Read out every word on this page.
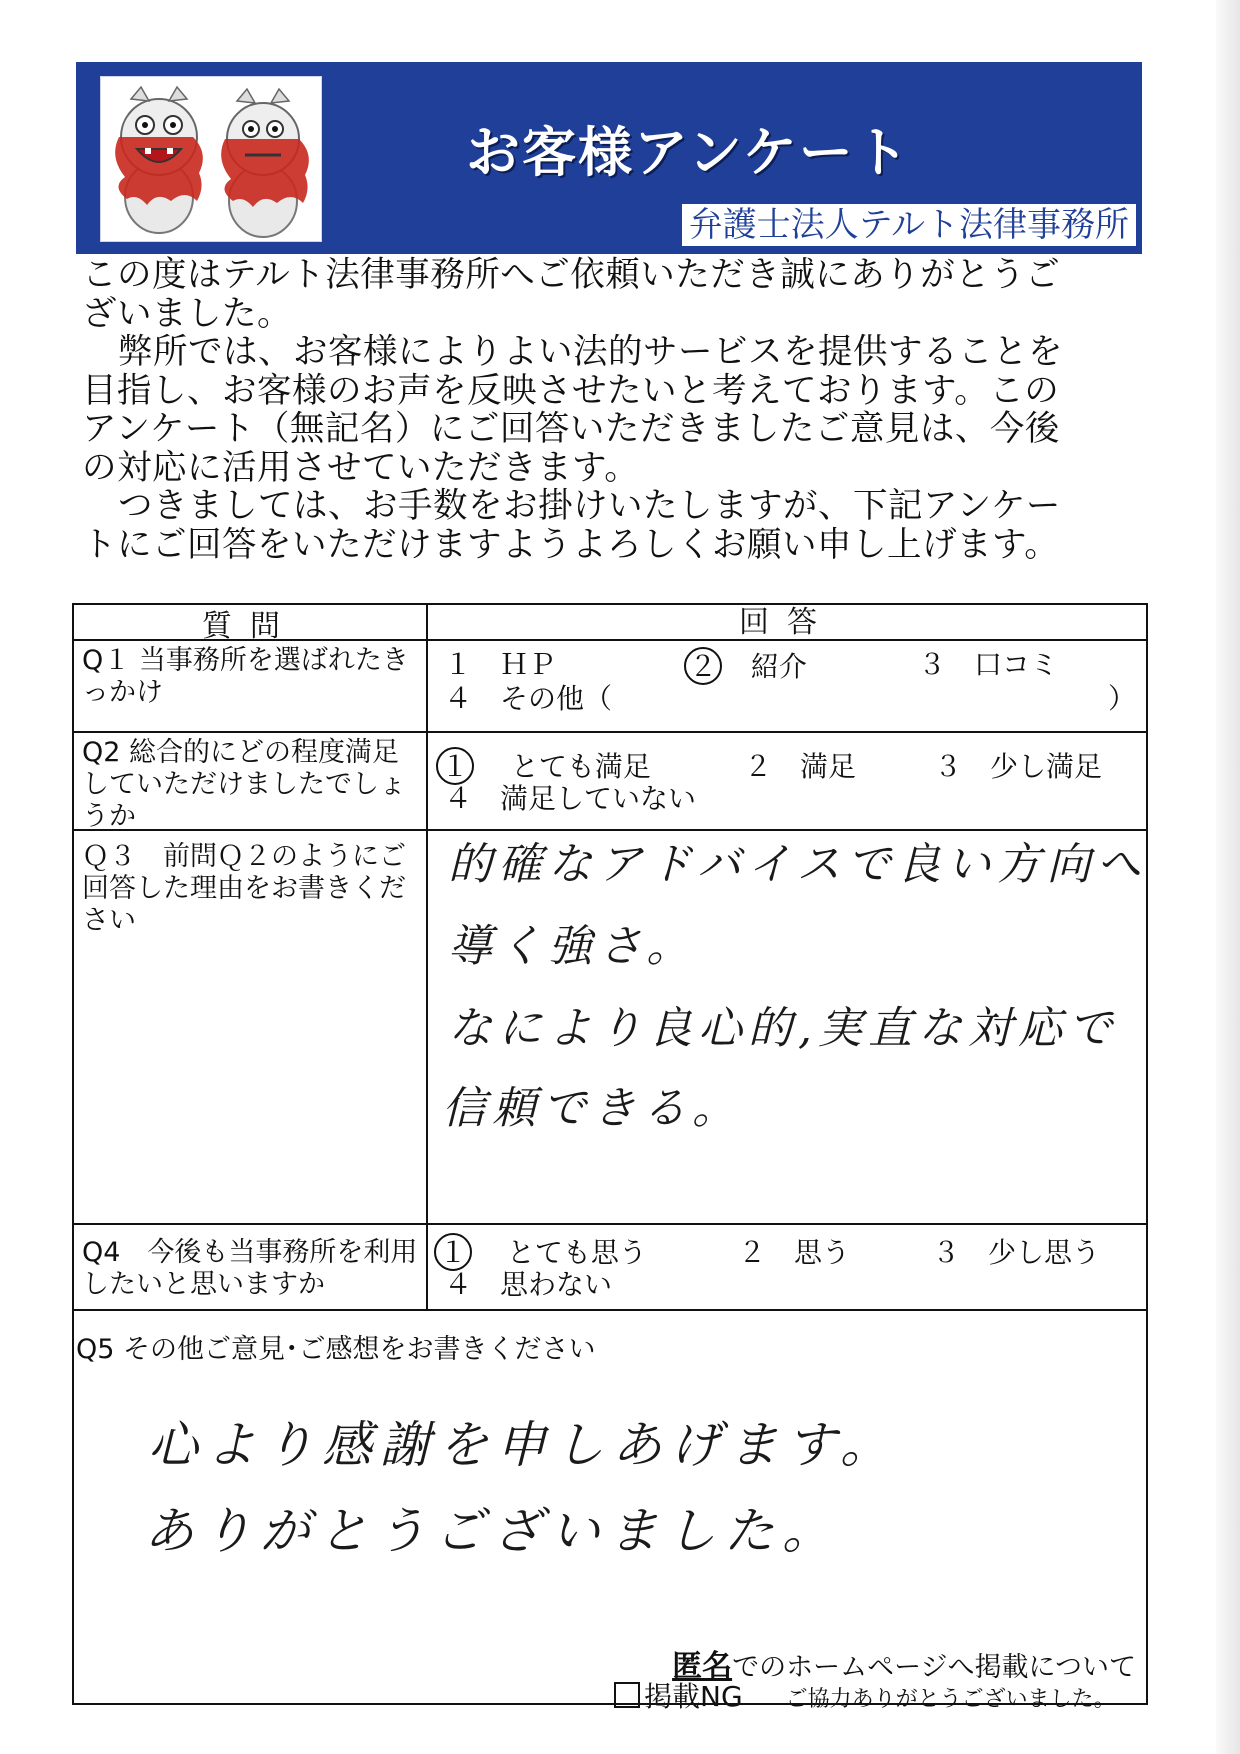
お客様アンケート
弁護士法人テルト法律事務所

この度はテルト法律事務所へご依頼いただき誠にありがとうご

ざいました。

弊所では、お客様によりよい法的サービスを提供することを

目指し、お客様のお声を反映させたいと考えております。この

アンケート（無記名）にご回答いただきましたご意見は、今後

の対応に活用させていただきます。

つきましては、お手数をお掛けいたしますが、下記アンケー

トにご回答をいただけますようよろしくお願い申し上げます。

質問	回答
Q１ 当事務所を選ばれたきっかけ
１　ＨＰ	２ 紹介	３　口コミ
４　その他（	）
Q2 総合的にどの程度満足していただけましたでしょうか
１ とても満足	２　満足	３　少し満足
４　満足していない
Ｑ３　前問Ｑ２のようにご回答した理由をお書きください
的確なアドバイスで良い方向へ
導く強さ。
なにより良心的,実直な対応で
信頼できる。
Q4　今後も当事務所を利用したいと思いますか
１ とても思う	２　思う	３　少し思う
４　思わない
Q5 その他ご意見･ご感想をお書きください
心より感謝を申しあげます。
ありがとうございました。
匿名でのホームページへ掲載について
掲載NG ご協力ありがとうございました。
